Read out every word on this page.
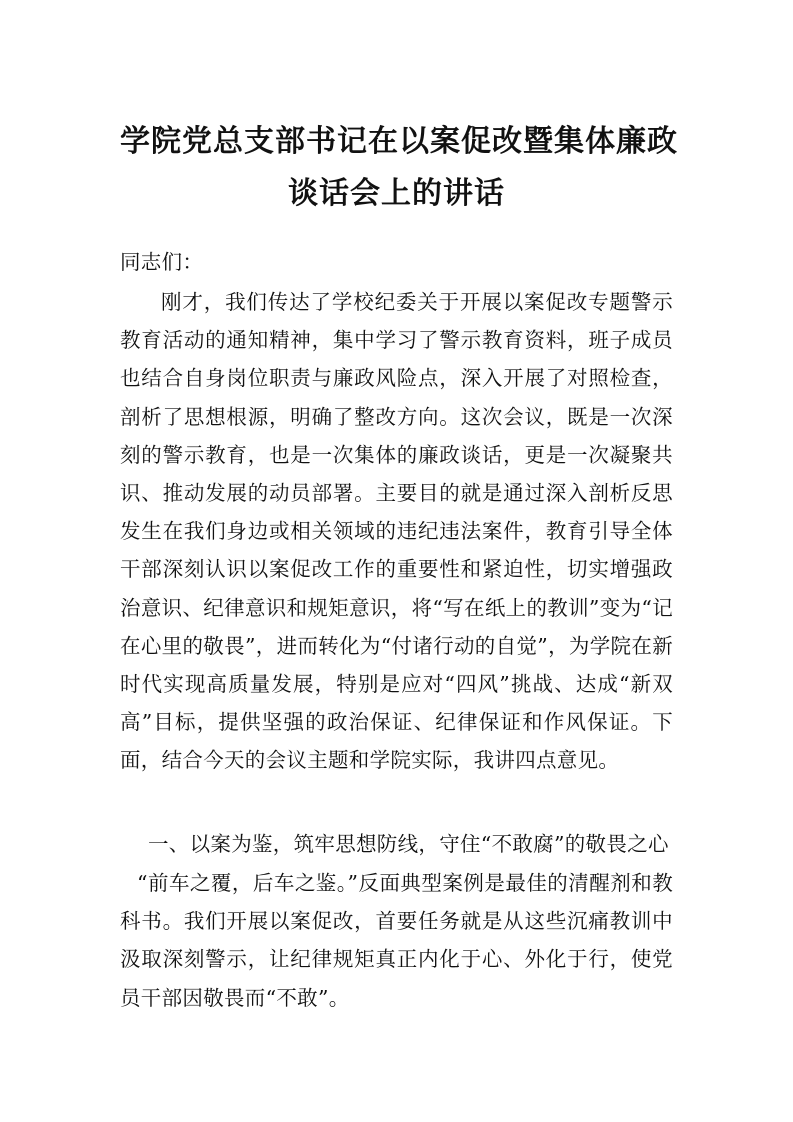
学院党总支部书记在以案促改暨集体廉政
谈话会上的讲话

同志们：

刚才，我们传达了学校纪委关于开展以案促改专题警示教育活动的通知精神，集中学习了警示教育资料，班子成员也结合自身岗位职责与廉政风险点，深入开展了对照检查，剖析了思想根源，明确了整改方向。这次会议，既是一次深刻的警示教育，也是一次集体的廉政谈话，更是一次凝聚共识、推动发展的动员部署。主要目的就是通过深入剖析反思发生在我们身边或相关领域的违纪违法案件，教育引导全体干部深刻认识以案促改工作的重要性和紧迫性，切实增强政治意识、纪律意识和规矩意识，将“写在纸上的教训”变为“记在心里的敬畏”，进而转化为“付诸行动的自觉”，为学院在新时代实现高质量发展，特别是应对“四风”挑战、达成“新双高”目标，提供坚强的政治保证、纪律保证和作风保证。下面，结合今天的会议主题和学院实际，我讲四点意见。

一、以案为鉴，筑牢思想防线，守住“不敢腐”的敬畏之心

“前车之覆，后车之鉴。”反面典型案例是最佳的清醒剂和教科书。我们开展以案促改，首要任务就是从这些沉痛教训中汲取深刻警示，让纪律规矩真正内化于心、外化于行，使党员干部因敬畏而“不敢”。
